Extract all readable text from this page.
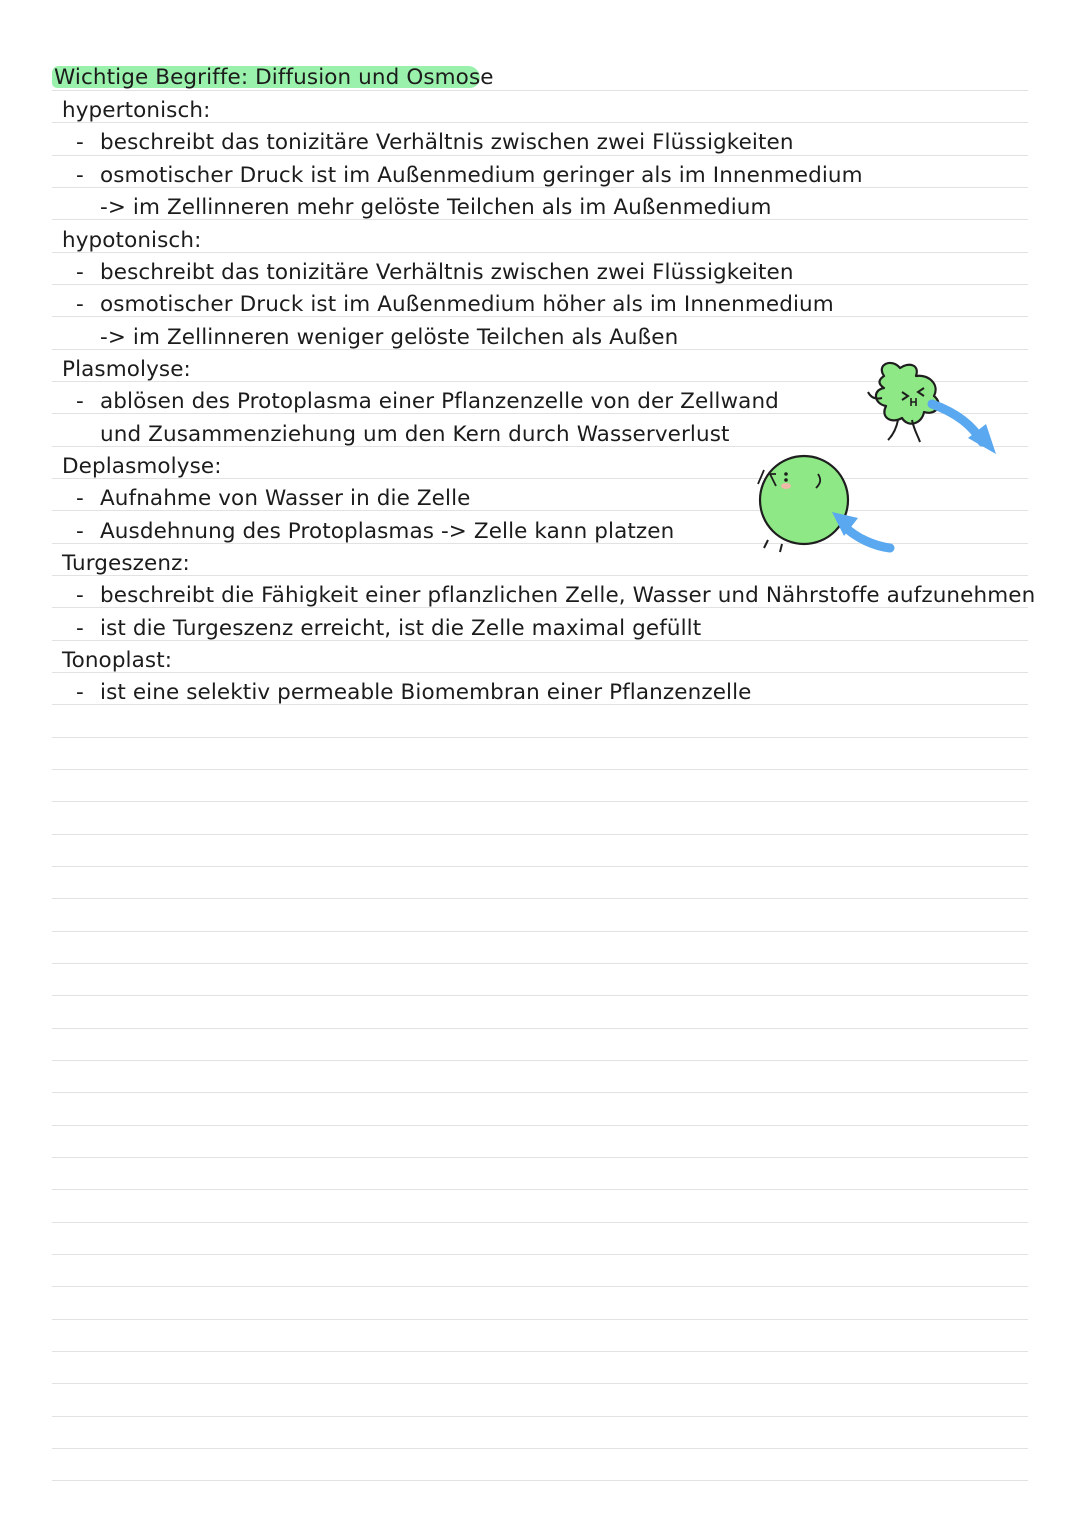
Wichtige Begriffe: Diffusion und Osmose
hypertonisch:
- beschreibt das tonizitäre Verhältnis zwischen zwei Flüssigkeiten
- osmotischer Druck ist im Außenmedium geringer als im Innenmedium
-> im Zellinneren mehr gelöste Teilchen als im Außenmedium
hypotonisch:
- beschreibt das tonizitäre Verhältnis zwischen zwei Flüssigkeiten
- osmotischer Druck ist im Außenmedium höher als im Innenmedium
-> im Zellinneren weniger gelöste Teilchen als Außen
Plasmolyse:
- ablösen des Protoplasma einer Pflanzenzelle von der Zellwand
und Zusammenziehung um den Kern durch Wasserverlust
Deplasmolyse:
- Aufnahme von Wasser in die Zelle
- Ausdehnung des Protoplasmas -> Zelle kann platzen
Turgeszenz:
- beschreibt die Fähigkeit einer pflanzlichen Zelle, Wasser und Nährstoffe aufzunehmen
- ist die Turgeszenz erreicht, ist die Zelle maximal gefüllt
Tonoplast:
- ist eine selektiv permeable Biomembran einer Pflanzenzelle
